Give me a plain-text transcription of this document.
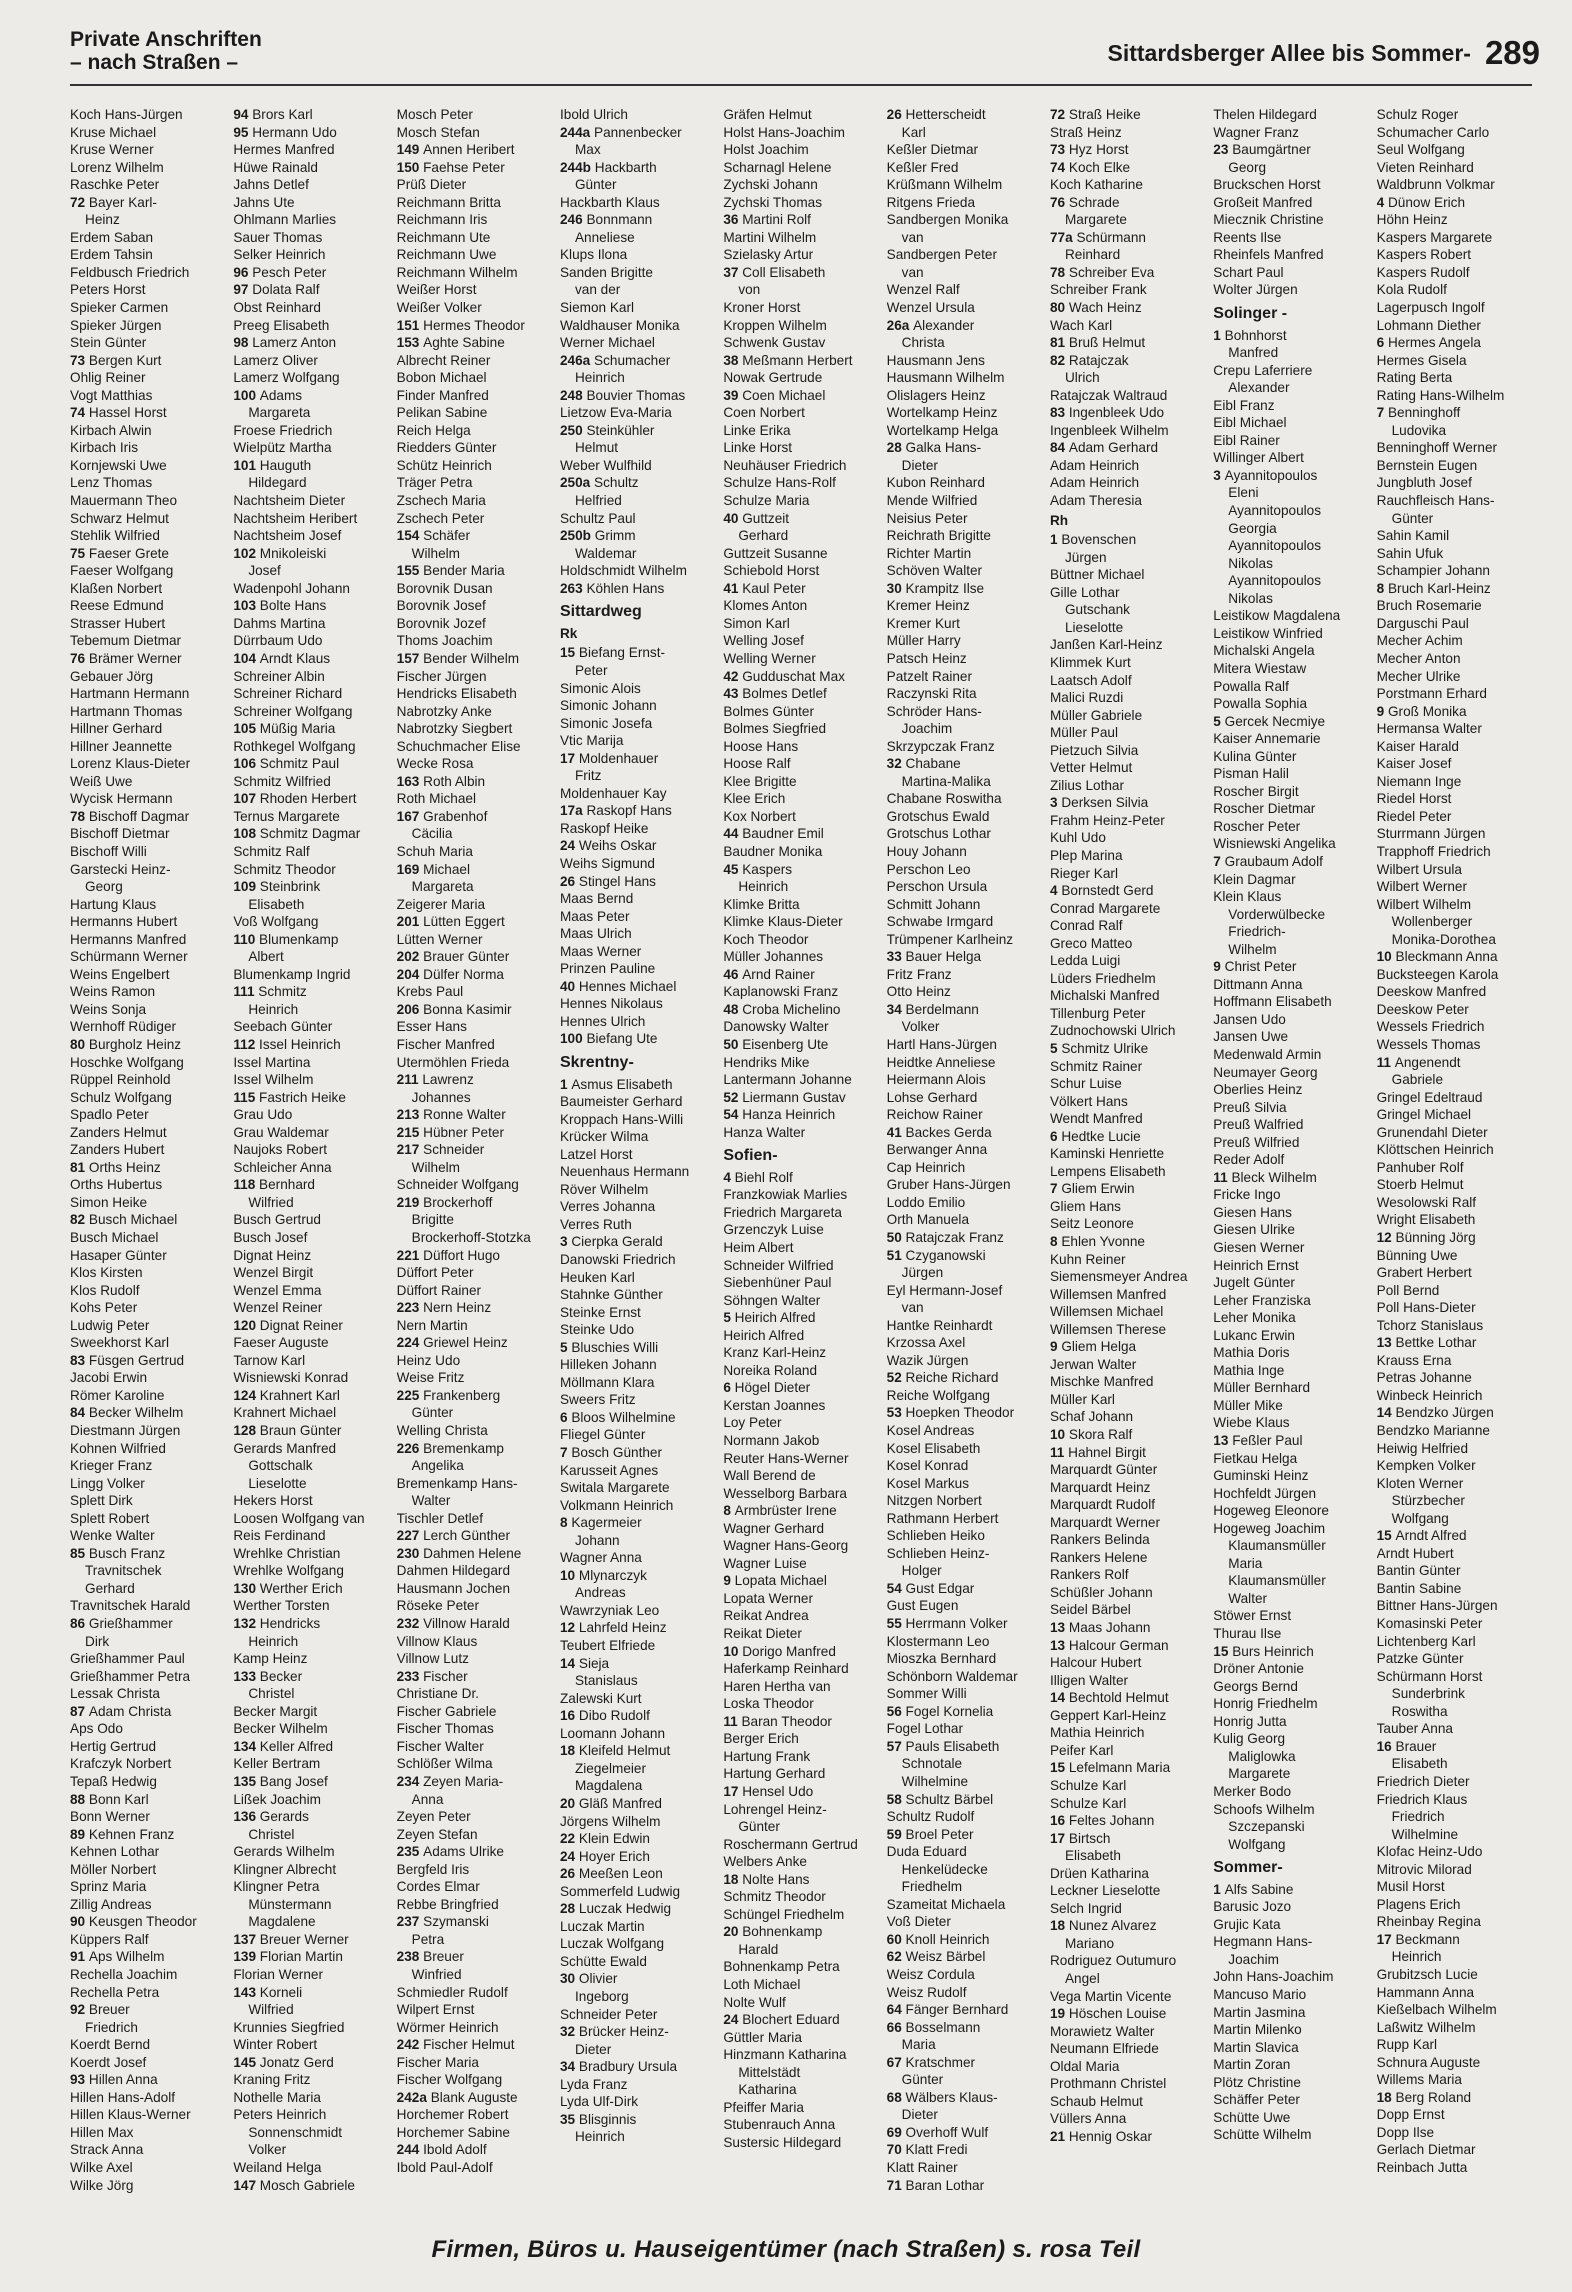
Private Anschriften
– nach Straßen –	Sittardsberger Allee bis Sommer- 289
Koch Hans-Jürgen
Kruse Michael
Kruse Werner
Lorenz Wilhelm
Raschke Peter
72 Bayer Karl-
Heinz
Erdem Saban
Erdem Tahsin
Feldbusch Friedrich
Peters Horst
Spieker Carmen
Spieker Jürgen
Stein Günter
73 Bergen Kurt
Ohlig Reiner
Vogt Matthias
74 Hassel Horst
Kirbach Alwin
Kirbach Iris
Kornjewski Uwe
Lenz Thomas
Mauermann Theo
Schwarz Helmut
Stehlik Wilfried
75 Faeser Grete
Faeser Wolfgang
Klaßen Norbert
Reese Edmund
Strasser Hubert
Tebemum Dietmar
76 Brämer Werner
Gebauer Jörg
Hartmann Hermann
Hartmann Thomas
Hillner Gerhard
Hillner Jeannette
Lorenz Klaus-Dieter
Weiß Uwe
Wycisk Hermann
78 Bischoff Dagmar
Bischoff Dietmar
Bischoff Willi
Garstecki Heinz-
Georg
Hartung Klaus
Hermanns Hubert
Hermanns Manfred
Schürmann Werner
Weins Engelbert
Weins Ramon
Weins Sonja
Wernhoff Rüdiger
80 Burgholz Heinz
Hoschke Wolfgang
Rüppel Reinhold
Schulz Wolfgang
Spadlo Peter
Zanders Helmut
Zanders Hubert
81 Orths Heinz
Orths Hubertus
Simon Heike
82 Busch Michael
Busch Michael
Hasaper Günter
Klos Kirsten
Klos Rudolf
Kohs Peter
Ludwig Peter
Sweekhorst Karl
83 Füsgen Gertrud
Jacobi Erwin
Römer Karoline
84 Becker Wilhelm
Diestmann Jürgen
Kohnen Wilfried
Krieger Franz
Lingg Volker
Splett Dirk
Splett Robert
Wenke Walter
85 Busch Franz
Travnitschek
Gerhard
Travnitschek Harald
86 Grießhammer
Dirk
Grießhammer Paul
Grießhammer Petra
Lessak Christa
87 Adam Christa
Aps Odo
Hertig Gertrud
Krafczyk Norbert
Tepaß Hedwig
88 Bonn Karl
Bonn Werner
89 Kehnen Franz
Kehnen Lothar
Möller Norbert
Sprinz Maria
Zillig Andreas
90 Keusgen Theodor
Küppers Ralf
91 Aps Wilhelm
Rechella Joachim
Rechella Petra
92 Breuer
Friedrich
Koerdt Bernd
Koerdt Josef
93 Hillen Anna
Hillen Hans-Adolf
Hillen Klaus-Werner
Hillen Max
Strack Anna
Wilke Axel
Wilke Jörg
94 Brors Karl
95 Hermann Udo
Hermes Manfred
Hüwe Rainald
Jahns Detlef
Jahns Ute
Ohlmann Marlies
Sauer Thomas
Selker Heinrich
96 Pesch Peter
97 Dolata Ralf
Obst Reinhard
Preeg Elisabeth
98 Lamerz Anton
Lamerz Oliver
Lamerz Wolfgang
100 Adams
Margareta
Froese Friedrich
Wielpütz Martha
101 Hauguth
Hildegard
Nachtsheim Dieter
Nachtsheim Heribert
Nachtsheim Josef
102 Mnikoleiski
Josef
Wadenpohl Johann
103 Bolte Hans
Dahms Martina
Dürrbaum Udo
104 Arndt Klaus
Schreiner Albin
Schreiner Richard
Schreiner Wolfgang
105 Müßig Maria
Rothkegel Wolfgang
106 Schmitz Paul
Schmitz Wilfried
107 Rhoden Herbert
Ternus Margarete
108 Schmitz Dagmar
Schmitz Ralf
Schmitz Theodor
109 Steinbrink
Elisabeth
Voß Wolfgang
110 Blumenkamp
Albert
Blumenkamp Ingrid
111 Schmitz
Heinrich
Seebach Günter
112 Issel Heinrich
Issel Martina
Issel Wilhelm
115 Fastrich Heike
Grau Udo
Grau Waldemar
Naujoks Robert
Schleicher Anna
118 Bernhard
Wilfried
Busch Gertrud
Busch Josef
Dignat Heinz
Wenzel Birgit
Wenzel Emma
Wenzel Reiner
120 Dignat Reiner
Faeser Auguste
Tarnow Karl
Wisniewski Konrad
124 Krahnert Karl
Krahnert Michael
128 Braun Günter
Gerards Manfred
Gottschalk
Lieselotte
Hekers Horst
Loosen Wolfgang van
Reis Ferdinand
Wrehlke Christian
Wrehlke Wolfgang
130 Werther Erich
Werther Torsten
132 Hendricks
Heinrich
Kamp Heinz
133 Becker
Christel
Becker Margit
Becker Wilhelm
134 Keller Alfred
Keller Bertram
135 Bang Josef
Lißek Joachim
136 Gerards
Christel
Gerards Wilhelm
Klingner Albrecht
Klingner Petra
Münstermann
Magdalene
137 Breuer Werner
139 Florian Martin
Florian Werner
143 Korneli
Wilfried
Krunnies Siegfried
Winter Robert
145 Jonatz Gerd
Kraning Fritz
Nothelle Maria
Peters Heinrich
Sonnenschmidt
Volker
Weiland Helga
147 Mosch Gabriele
Mosch Peter
Mosch Stefan
149 Annen Heribert
150 Faehse Peter
Prüß Dieter
Reichmann Britta
Reichmann Iris
Reichmann Ute
Reichmann Uwe
Reichmann Wilhelm
Weißer Horst
Weißer Volker
151 Hermes Theodor
153 Aghte Sabine
Albrecht Reiner
Bobon Michael
Finder Manfred
Pelikan Sabine
Reich Helga
Riedders Günter
Schütz Heinrich
Träger Petra
Zschech Maria
Zschech Peter
154 Schäfer
Wilhelm
155 Bender Maria
Borovnik Dusan
Borovnik Josef
Borovnik Jozef
Thoms Joachim
157 Bender Wilhelm
Fischer Jürgen
Hendricks Elisabeth
Nabrotzky Anke
Nabrotzky Siegbert
Schuchmacher Elise
Wecke Rosa
163 Roth Albin
Roth Michael
167 Grabenhof
Cäcilia
Schuh Maria
169 Michael
Margareta
Zeigerer Maria
201 Lütten Eggert
Lütten Werner
202 Brauer Günter
204 Dülfer Norma
Krebs Paul
206 Bonna Kasimir
Esser Hans
Fischer Manfred
Utermöhlen Frieda
211 Lawrenz
Johannes
213 Ronne Walter
215 Hübner Peter
217 Schneider
Wilhelm
Schneider Wolfgang
219 Brockerhoff
Brigitte
Brockerhoff-Stotzka
221 Düffort Hugo
Düffort Peter
Düffort Rainer
223 Nern Heinz
Nern Martin
224 Griewel Heinz
Heinz Udo
Weise Fritz
225 Frankenberg
Günter
Welling Christa
226 Bremenkamp
Angelika
Bremenkamp Hans-
Walter
Tischler Detlef
227 Lerch Günther
230 Dahmen Helene
Dahmen Hildegard
Hausmann Jochen
Röseke Peter
232 Villnow Harald
Villnow Klaus
Villnow Lutz
233 Fischer
Christiane Dr.
Fischer Gabriele
Fischer Thomas
Fischer Walter
Schlößer Wilma
234 Zeyen Maria-
Anna
Zeyen Peter
Zeyen Stefan
235 Adams Ulrike
Bergfeld Iris
Cordes Elmar
Rebbe Bringfried
237 Szymanski
Petra
238 Breuer
Winfried
Schmiedler Rudolf
Wilpert Ernst
Wörmer Heinrich
242 Fischer Helmut
Fischer Maria
Fischer Wolfgang
242a Blank Auguste
Horchemer Robert
Horchemer Sabine
244 Ibold Adolf
Ibold Paul-Adolf
Ibold Ulrich
244a Pannenbecker
Max
244b Hackbarth
Günter
Hackbarth Klaus
246 Bonnmann
Anneliese
Klups Ilona
Sanden Brigitte
van der
Siemon Karl
Waldhauser Monika
Werner Michael
246a Schumacher
Heinrich
248 Bouvier Thomas
Lietzow Eva-Maria
250 Steinkühler
Helmut
Weber Wulfhild
250a Schultz
Helfried
Schultz Paul
250b Grimm
Waldemar
Holdschmidt Wilhelm
263 Köhlen Hans
Sittardweg
Rk
15 Biefang Ernst-
Peter
Simonic Alois
Simonic Johann
Simonic Josefa
Vtic Marija
17 Moldenhauer
Fritz
Moldenhauer Kay
17a Raskopf Hans
Raskopf Heike
24 Weihs Oskar
Weihs Sigmund
26 Stingel Hans
Maas Bernd
Maas Peter
Maas Ulrich
Maas Werner
Prinzen Pauline
40 Hennes Michael
Hennes Nikolaus
Hennes Ulrich
100 Biefang Ute
Skrentny-
1 Asmus Elisabeth
Baumeister Gerhard
Kroppach Hans-Willi
Krücker Wilma
Latzel Horst
Neuenhaus Hermann
Röver Wilhelm
Verres Johanna
Verres Ruth
3 Cierpka Gerald
Danowski Friedrich
Heuken Karl
Stahnke Günther
Steinke Ernst
Steinke Udo
5 Bluschies Willi
Hilleken Johann
Möllmann Klara
Sweers Fritz
6 Bloos Wilhelmine
Fliegel Günter
7 Bosch Günther
Karusseit Agnes
Switala Margarete
Volkmann Heinrich
8 Kagermeier
Johann
Wagner Anna
10 Mlynarczyk
Andreas
Wawrzyniak Leo
12 Lahrfeld Heinz
Teubert Elfriede
14 Sieja
Stanislaus
Zalewski Kurt
16 Dibo Rudolf
Loomann Johann
18 Kleifeld Helmut
Ziegelmeier
Magdalena
20 Gläß Manfred
Jörgens Wilhelm
22 Klein Edwin
24 Hoyer Erich
26 Meeßen Leon
Sommerfeld Ludwig
28 Luczak Hedwig
Luczak Martin
Luczak Wolfgang
Schütte Ewald
30 Olivier
Ingeborg
Schneider Peter
32 Brücker Heinz-
Dieter
34 Bradbury Ursula
Lyda Franz
Lyda Ulf-Dirk
35 Blisginnis
Heinrich
Gräfen Helmut
Holst Hans-Joachim
Holst Joachim
Scharnagl Helene
Zychski Johann
Zychski Thomas
36 Martini Rolf
Martini Wilhelm
Szielasky Artur
37 Coll Elisabeth
von
Kroner Horst
Kroppen Wilhelm
Schwenk Gustav
38 Meßmann Herbert
Nowak Gertrude
39 Coen Michael
Coen Norbert
Linke Erika
Linke Horst
Neuhäuser Friedrich
Schulze Hans-Rolf
Schulze Maria
40 Guttzeit
Gerhard
Guttzeit Susanne
Schiebold Horst
41 Kaul Peter
Klomes Anton
Simon Karl
Welling Josef
Welling Werner
42 Gudduschat Max
43 Bolmes Detlef
Bolmes Günter
Bolmes Siegfried
Hoose Hans
Hoose Ralf
Klee Brigitte
Klee Erich
Kox Norbert
44 Baudner Emil
Baudner Monika
45 Kaspers
Heinrich
Klimke Britta
Klimke Klaus-Dieter
Koch Theodor
Müller Johannes
46 Arnd Rainer
Kaplanowski Franz
48 Croba Michelino
Danowsky Walter
50 Eisenberg Ute
Hendriks Mike
Lantermann Johanne
52 Liermann Gustav
54 Hanza Heinrich
Hanza Walter
Sofien-
4 Biehl Rolf
Franzkowiak Marlies
Friedrich Margareta
Grzenczyk Luise
Heim Albert
Schneider Wilfried
Siebenhüner Paul
Söhngen Walter
5 Heirich Alfred
Heirich Alfred
Kranz Karl-Heinz
Noreika Roland
6 Högel Dieter
Kerstan Joannes
Loy Peter
Normann Jakob
Reuter Hans-Werner
Wall Berend de
Wesselborg Barbara
8 Armbrüster Irene
Wagner Gerhard
Wagner Hans-Georg
Wagner Luise
9 Lopata Michael
Lopata Werner
Reikat Andrea
Reikat Dieter
10 Dorigo Manfred
Haferkamp Reinhard
Haren Hertha van
Loska Theodor
11 Baran Theodor
Berger Erich
Hartung Frank
Hartung Gerhard
17 Hensel Udo
Lohrengel Heinz-
Günter
Roschermann Gertrud
Welbers Anke
18 Nolte Hans
Schmitz Theodor
Schüngel Friedhelm
20 Bohnenkamp
Harald
Bohnenkamp Petra
Loth Michael
Nolte Wulf
24 Blochert Eduard
Güttler Maria
Hinzmann Katharina
Mittelstädt
Katharina
Pfeiffer Maria
Stubenrauch Anna
Sustersic Hildegard
26 Hetterscheidt
Karl
Keßler Dietmar
Keßler Fred
Krüßmann Wilhelm
Ritgens Frieda
Sandbergen Monika
van
Sandbergen Peter
van
Wenzel Ralf
Wenzel Ursula
26a Alexander
Christa
Hausmann Jens
Hausmann Wilhelm
Olislagers Heinz
Wortelkamp Heinz
Wortelkamp Helga
28 Galka Hans-
Dieter
Kubon Reinhard
Mende Wilfried
Neisius Peter
Reichrath Brigitte
Richter Martin
Schöven Walter
30 Krampitz Ilse
Kremer Heinz
Kremer Kurt
Müller Harry
Patsch Heinz
Patzelt Rainer
Raczynski Rita
Schröder Hans-
Joachim
Skrzypczak Franz
32 Chabane
Martina-Malika
Chabane Roswitha
Grotschus Ewald
Grotschus Lothar
Houy Johann
Perschon Leo
Perschon Ursula
Schmitt Johann
Schwabe Irmgard
Trümpener Karlheinz
33 Bauer Helga
Fritz Franz
Otto Heinz
34 Berdelmann
Volker
Hartl Hans-Jürgen
Heidtke Anneliese
Heiermann Alois
Lohse Gerhard
Reichow Rainer
41 Backes Gerda
Berwanger Anna
Cap Heinrich
Gruber Hans-Jürgen
Loddo Emilio
Orth Manuela
50 Ratajczak Franz
51 Czyganowski
Jürgen
Eyl Hermann-Josef
van
Hantke Reinhardt
Krzossa Axel
Wazik Jürgen
52 Reiche Richard
Reiche Wolfgang
53 Hoepken Theodor
Kosel Andreas
Kosel Elisabeth
Kosel Konrad
Kosel Markus
Nitzgen Norbert
Rathmann Herbert
Schlieben Heiko
Schlieben Heinz-
Holger
54 Gust Edgar
Gust Eugen
55 Herrmann Volker
Klostermann Leo
Mioszka Bernhard
Schönborn Waldemar
Sommer Willi
56 Fogel Kornelia
Fogel Lothar
57 Pauls Elisabeth
Schnotale
Wilhelmine
58 Schultz Bärbel
Schultz Rudolf
59 Broel Peter
Duda Eduard
Henkelüdecke
Friedhelm
Szameitat Michaela
Voß Dieter
60 Knoll Heinrich
62 Weisz Bärbel
Weisz Cordula
Weisz Rudolf
64 Fänger Bernhard
66 Bosselmann
Maria
67 Kratschmer
Günter
68 Wälbers Klaus-
Dieter
69 Overhoff Wulf
70 Klatt Fredi
Klatt Rainer
71 Baran Lothar
72 Straß Heike
Straß Heinz
73 Hyz Horst
74 Koch Elke
Koch Katharine
76 Schrade
Margarete
77a Schürmann
Reinhard
78 Schreiber Eva
Schreiber Frank
80 Wach Heinz
Wach Karl
81 Bruß Helmut
82 Ratajczak
Ulrich
Ratajczak Waltraud
83 Ingenbleek Udo
Ingenbleek Wilhelm
84 Adam Gerhard
Adam Heinrich
Adam Heinrich
Adam Theresia
Rh
1 Bovenschen
Jürgen
Büttner Michael
Gille Lothar
Gutschank
Lieselotte
Janßen Karl-Heinz
Klimmek Kurt
Laatsch Adolf
Malici Ruzdi
Müller Gabriele
Müller Paul
Pietzuch Silvia
Vetter Helmut
Zilius Lothar
3 Derksen Silvia
Frahm Heinz-Peter
Kuhl Udo
Plep Marina
Rieger Karl
4 Bornstedt Gerd
Conrad Margarete
Conrad Ralf
Greco Matteo
Ledda Luigi
Lüders Friedhelm
Michalski Manfred
Tillenburg Peter
Zudnochowski Ulrich
5 Schmitz Ulrike
Schmitz Rainer
Schur Luise
Völkert Hans
Wendt Manfred
6 Hedtke Lucie
Kaminski Henriette
Lempens Elisabeth
7 Gliem Erwin
Gliem Hans
Seitz Leonore
8 Ehlen Yvonne
Kuhn Reiner
Siemensmeyer Andrea
Willemsen Manfred
Willemsen Michael
Willemsen Therese
9 Gliem Helga
Jerwan Walter
Mischke Manfred
Müller Karl
Schaf Johann
10 Skora Ralf
11 Hahnel Birgit
Marquardt Günter
Marquardt Heinz
Marquardt Rudolf
Marquardt Werner
Rankers Belinda
Rankers Helene
Rankers Rolf
Schüßler Johann
Seidel Bärbel
13 Maas Johann
13 Halcour German
Halcour Hubert
Illigen Walter
14 Bechtold Helmut
Geppert Karl-Heinz
Mathia Heinrich
Peifer Karl
15 Lefelmann Maria
Schulze Karl
Schulze Karl
16 Feltes Johann
17 Birtsch
Elisabeth
Drüen Katharina
Leckner Lieselotte
Selch Ingrid
18 Nunez Alvarez
Mariano
Rodriguez Outumuro
Angel
Vega Martin Vicente
19 Höschen Louise
Morawietz Walter
Neumann Elfriede
Oldal Maria
Prothmann Christel
Schaub Helmut
Vüllers Anna
21 Hennig Oskar
Thelen Hildegard
Wagner Franz
23 Baumgärtner
Georg
Bruckschen Horst
Großeit Manfred
Miecznik Christine
Reents Ilse
Rheinfels Manfred
Schart Paul
Wolter Jürgen
Solinger -
1 Bohnhorst
Manfred
Crepu Laferriere
Alexander
Eibl Franz
Eibl Michael
Eibl Rainer
Willinger Albert
3 Ayannitopoulos
Eleni
Ayannitopoulos
Georgia
Ayannitopoulos
Nikolas
Ayannitopoulos
Nikolas
Leistikow Magdalena
Leistikow Winfried
Michalski Angela
Mitera Wiestaw
Powalla Ralf
Powalla Sophia
5 Gercek Necmiye
Kaiser Annemarie
Kulina Günter
Pisman Halil
Roscher Birgit
Roscher Dietmar
Roscher Peter
Wisniewski Angelika
7 Graubaum Adolf
Klein Dagmar
Klein Klaus
Vorderwülbecke
Friedrich-
Wilhelm
9 Christ Peter
Dittmann Anna
Hoffmann Elisabeth
Jansen Udo
Jansen Uwe
Medenwald Armin
Neumayer Georg
Oberlies Heinz
Preuß Silvia
Preuß Walfried
Preuß Wilfried
Reder Adolf
11 Bleck Wilhelm
Fricke Ingo
Giesen Hans
Giesen Ulrike
Giesen Werner
Heinrich Ernst
Jugelt Günter
Leher Franziska
Leher Monika
Lukanc Erwin
Mathia Doris
Mathia Inge
Müller Bernhard
Müller Mike
Wiebe Klaus
13 Feßler Paul
Fietkau Helga
Guminski Heinz
Hochfeldt Jürgen
Hogeweg Eleonore
Hogeweg Joachim
Klaumansmüller
Maria
Klaumansmüller
Walter
Stöwer Ernst
Thurau Ilse
15 Burs Heinrich
Dröner Antonie
Georgs Bernd
Honrig Friedhelm
Honrig Jutta
Kulig Georg
Maliglowka
Margarete
Merker Bodo
Schoofs Wilhelm
Szczepanski
Wolfgang
Sommer-
1 Alfs Sabine
Barusic Jozo
Grujic Kata
Hegmann Hans-
Joachim
John Hans-Joachim
Mancuso Mario
Martin Jasmina
Martin Milenko
Martin Slavica
Martin Zoran
Plötz Christine
Schäffer Peter
Schütte Uwe
Schütte Wilhelm
Schulz Roger
Schumacher Carlo
Seul Wolfgang
Vieten Reinhard
Waldbrunn Volkmar
4 Dünow Erich
Höhn Heinz
Kaspers Margarete
Kaspers Robert
Kaspers Rudolf
Kola Rudolf
Lagerpusch Ingolf
Lohmann Diether
6 Hermes Angela
Hermes Gisela
Rating Berta
Rating Hans-Wilhelm
7 Benninghoff
Ludovika
Benninghoff Werner
Bernstein Eugen
Jungbluth Josef
Rauchfleisch Hans-
Günter
Sahin Kamil
Sahin Ufuk
Schampier Johann
8 Bruch Karl-Heinz
Bruch Rosemarie
Darguschi Paul
Mecher Achim
Mecher Anton
Mecher Ulrike
Porstmann Erhard
9 Groß Monika
Hermansa Walter
Kaiser Harald
Kaiser Josef
Niemann Inge
Riedel Horst
Riedel Peter
Sturrmann Jürgen
Trapphoff Friedrich
Wilbert Ursula
Wilbert Werner
Wilbert Wilhelm
Wollenberger
Monika-Dorothea
10 Bleckmann Anna
Bucksteegen Karola
Deeskow Manfred
Deeskow Peter
Wessels Friedrich
Wessels Thomas
11 Angenendt
Gabriele
Gringel Edeltraud
Gringel Michael
Grunendahl Dieter
Klöttschen Heinrich
Panhuber Rolf
Stoerb Helmut
Wesolowski Ralf
Wright Elisabeth
12 Bünning Jörg
Bünning Uwe
Grabert Herbert
Poll Bernd
Poll Hans-Dieter
Tchorz Stanislaus
13 Bettke Lothar
Krauss Erna
Petras Johanne
Winbeck Heinrich
14 Bendzko Jürgen
Bendzko Marianne
Heiwig Helfried
Kempken Volker
Kloten Werner
Stürzbecher
Wolfgang
15 Arndt Alfred
Arndt Hubert
Bantin Günter
Bantin Sabine
Bittner Hans-Jürgen
Komasinski Peter
Lichtenberg Karl
Patzke Günter
Schürmann Horst
Sunderbrink
Roswitha
Tauber Anna
16 Brauer
Elisabeth
Friedrich Dieter
Friedrich Klaus
Friedrich
Wilhelmine
Klofac Heinz-Udo
Mitrovic Milorad
Musil Horst
Plagens Erich
Rheinbay Regina
17 Beckmann
Heinrich
Grubitzsch Lucie
Hammann Anna
Kießelbach Wilhelm
Laßwitz Wilhelm
Rupp Karl
Schnura Auguste
Willems Maria
18 Berg Roland
Dopp Ernst
Dopp Ilse
Gerlach Dietmar
Reinbach Jutta
Firmen, Büros u. Hauseigentümer (nach Straßen) s. rosa Teil
